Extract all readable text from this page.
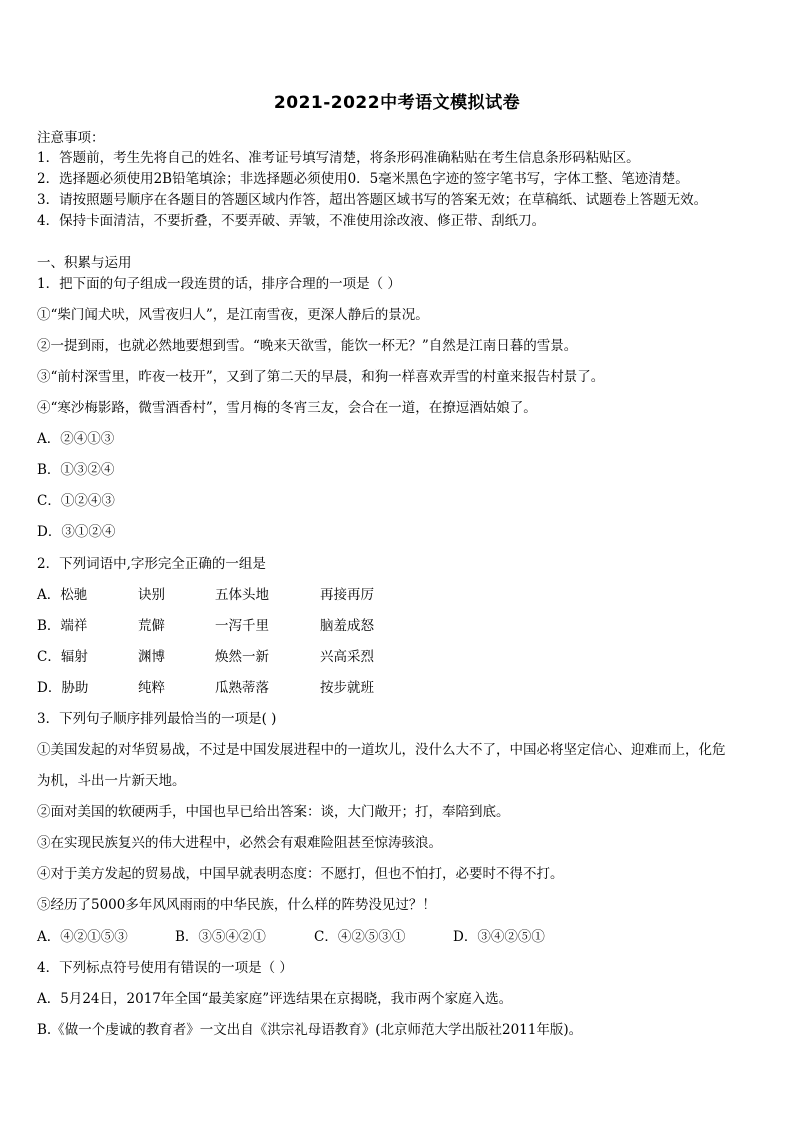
2021-2022中考语文模拟试卷
注意事项：
1．答题前，考生先将自己的姓名、准考证号填写清楚，将条形码准确粘贴在考生信息条形码粘贴区。
2．选择题必须使用2B铅笔填涂；非选择题必须使用0．5毫米黑色字迹的签字笔书写，字体工整、笔迹清楚。
3．请按照题号顺序在各题目的答题区域内作答，超出答题区域书写的答案无效；在草稿纸、试题卷上答题无效。
4．保持卡面清洁，不要折叠，不要弄破、弄皱，不准使用涂改液、修正带、刮纸刀。
一、积累与运用
1．把下面的句子组成一段连贯的话，排序合理的一项是（ ）
①“柴门闻犬吠，风雪夜归人”，是江南雪夜，更深人静后的景况。
②一提到雨，也就必然地要想到雪。“晚来天欲雪，能饮一杯无？”自然是江南日暮的雪景。
③“前村深雪里，昨夜一枝开”，又到了第二天的早晨，和狗一样喜欢弄雪的村童来报告村景了。
④“寒沙梅影路，微雪酒香村”，雪月梅的冬宵三友，会合在一道，在撩逗酒姑娘了。
A．②④①③
B．①③②④
C．①②④③
D．③①②④
2．下列词语中,字形完全正确的一组是
A．松驰	诀别	五体头地	再接再厉
B．端祥	荒僻	一泻千里	脑羞成怒
C．辐射	渊博	焕然一新	兴高采烈
D．胁助	纯粹	瓜熟蒂落	按步就班
3．下列句子顺序排列最恰当的一项是( )
①美国发起的对华贸易战，不过是中国发展进程中的一道坎儿，没什么大不了，中国必将坚定信心、迎难而上，化危
为机，斗出一片新天地。
②面对美国的软硬两手，中国也早已给出答案：谈，大门敞开；打，奉陪到底。
③在实现民族复兴的伟大进程中，必然会有艰难险阻甚至惊涛骇浪。
④对于美方发起的贸易战，中国早就表明态度：不愿打，但也不怕打，必要时不得不打。
⑤经历了5000多年风风雨雨的中华民族，什么样的阵势没见过？！
A．④②①⑤③	B．③⑤④②①	C．④②⑤③①	D．③④②⑤①
4．下列标点符号使用有错误的一项是（ ）
A．5月24日，2017年全国“最美家庭”评选结果在京揭晓，我市两个家庭入选。
B.《做一个虔诚的教育者》一文出自《洪宗礼母语教育》(北京师范大学出版社2011年版)。
